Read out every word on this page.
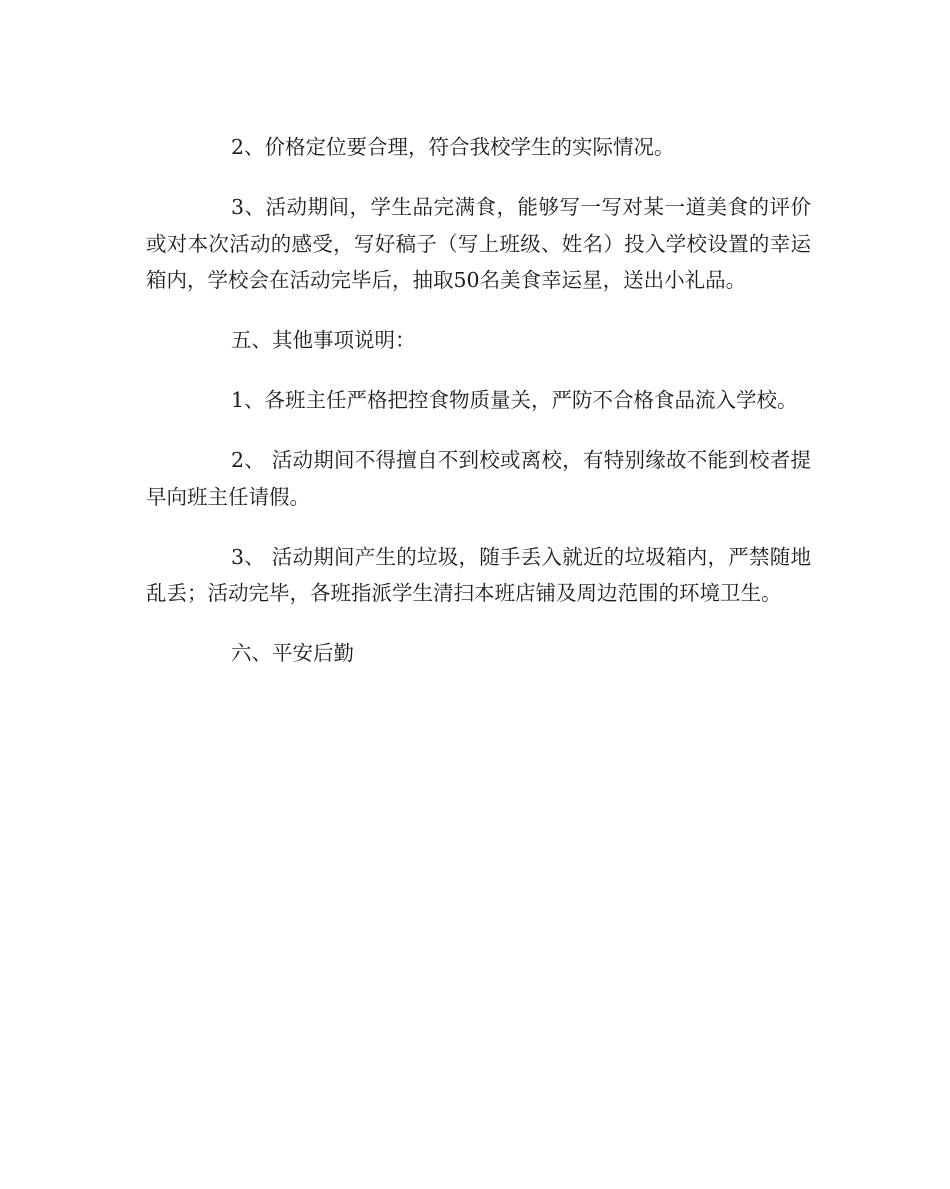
2、价格定位要合理，符合我校学生的实际情况。

3、活动期间，学生品完满食，能够写一写对某一道美食的评价或对本次活动的感受，写好稿子（写上班级、姓名）投入学校设置的幸运箱内，学校会在活动完毕后，抽取50名美食幸运星，送出小礼品。

五、其他事项说明：

1、各班主任严格把控食物质量关，严防不合格食品流入学校。

2、 活动期间不得擅自不到校或离校，有特别缘故不能到校者提早向班主任请假。

3、 活动期间产生的垃圾，随手丢入就近的垃圾箱内，严禁随地乱丢；活动完毕，各班指派学生清扫本班店铺及周边范围的环境卫生。

六、平安后勤
